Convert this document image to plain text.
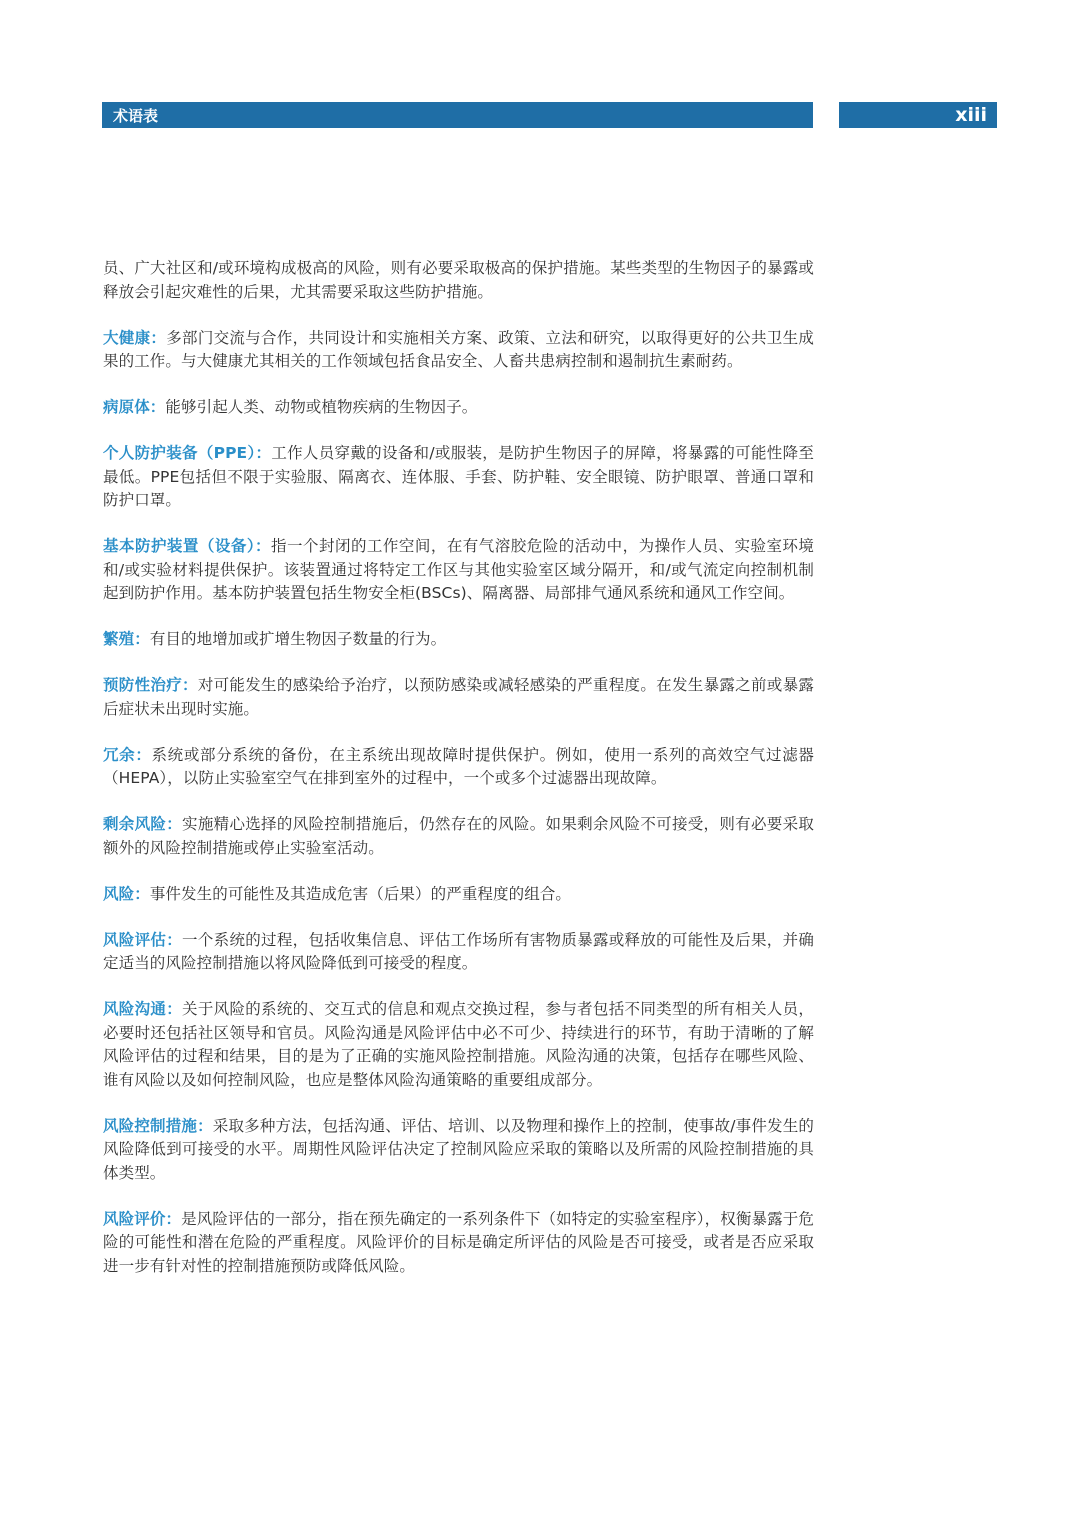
术语表	xiii

员、广大社区和/或环境构成极高的风险，则有必要采取极高的保护措施。某些类型的生物因子的暴露或释放会引起灾难性的后果，尤其需要采取这些防护措施。

大健康：多部门交流与合作，共同设计和实施相关方案、政策、立法和研究，以取得更好的公共卫生成果的工作。与大健康尤其相关的工作领域包括食品安全、人畜共患病控制和遏制抗生素耐药。

病原体：能够引起人类、动物或植物疾病的生物因子。

个人防护装备（PPE）：工作人员穿戴的设备和/或服装，是防护生物因子的屏障，将暴露的可能性降至最低。PPE包括但不限于实验服、隔离衣、连体服、手套、防护鞋、安全眼镜、防护眼罩、普通口罩和防护口罩。

基本防护装置（设备）：指一个封闭的工作空间，在有气溶胶危险的活动中，为操作人员、实验室环境和/或实验材料提供保护。该装置通过将特定工作区与其他实验室区域分隔开，和/或气流定向控制机制起到防护作用。基本防护装置包括生物安全柜(BSCs)、隔离器、局部排气通风系统和通风工作空间。

繁殖：有目的地增加或扩增生物因子数量的行为。

预防性治疗：对可能发生的感染给予治疗，以预防感染或减轻感染的严重程度。在发生暴露之前或暴露后症状未出现时实施。

冗余：系统或部分系统的备份，在主系统出现故障时提供保护。例如，使用一系列的高效空气过滤器（HEPA），以防止实验室空气在排到室外的过程中，一个或多个过滤器出现故障。

剩余风险：实施精心选择的风险控制措施后，仍然存在的风险。如果剩余风险不可接受，则有必要采取额外的风险控制措施或停止实验室活动。

风险：事件发生的可能性及其造成危害（后果）的严重程度的组合。

风险评估：一个系统的过程，包括收集信息、评估工作场所有害物质暴露或释放的可能性及后果，并确定适当的风险控制措施以将风险降低到可接受的程度。

风险沟通：关于风险的系统的、交互式的信息和观点交换过程，参与者包括不同类型的所有相关人员，必要时还包括社区领导和官员。风险沟通是风险评估中必不可少、持续进行的环节，有助于清晰的了解风险评估的过程和结果，目的是为了正确的实施风险控制措施。风险沟通的决策，包括存在哪些风险、谁有风险以及如何控制风险，也应是整体风险沟通策略的重要组成部分。

风险控制措施：采取多种方法，包括沟通、评估、培训、以及物理和操作上的控制，使事故/事件发生的风险降低到可接受的水平。周期性风险评估决定了控制风险应采取的策略以及所需的风险控制措施的具体类型。

风险评价：是风险评估的一部分，指在预先确定的一系列条件下（如特定的实验室程序），权衡暴露于危险的可能性和潜在危险的严重程度。风险评价的目标是确定所评估的风险是否可接受，或者是否应采取进一步有针对性的控制措施预防或降低风险。
